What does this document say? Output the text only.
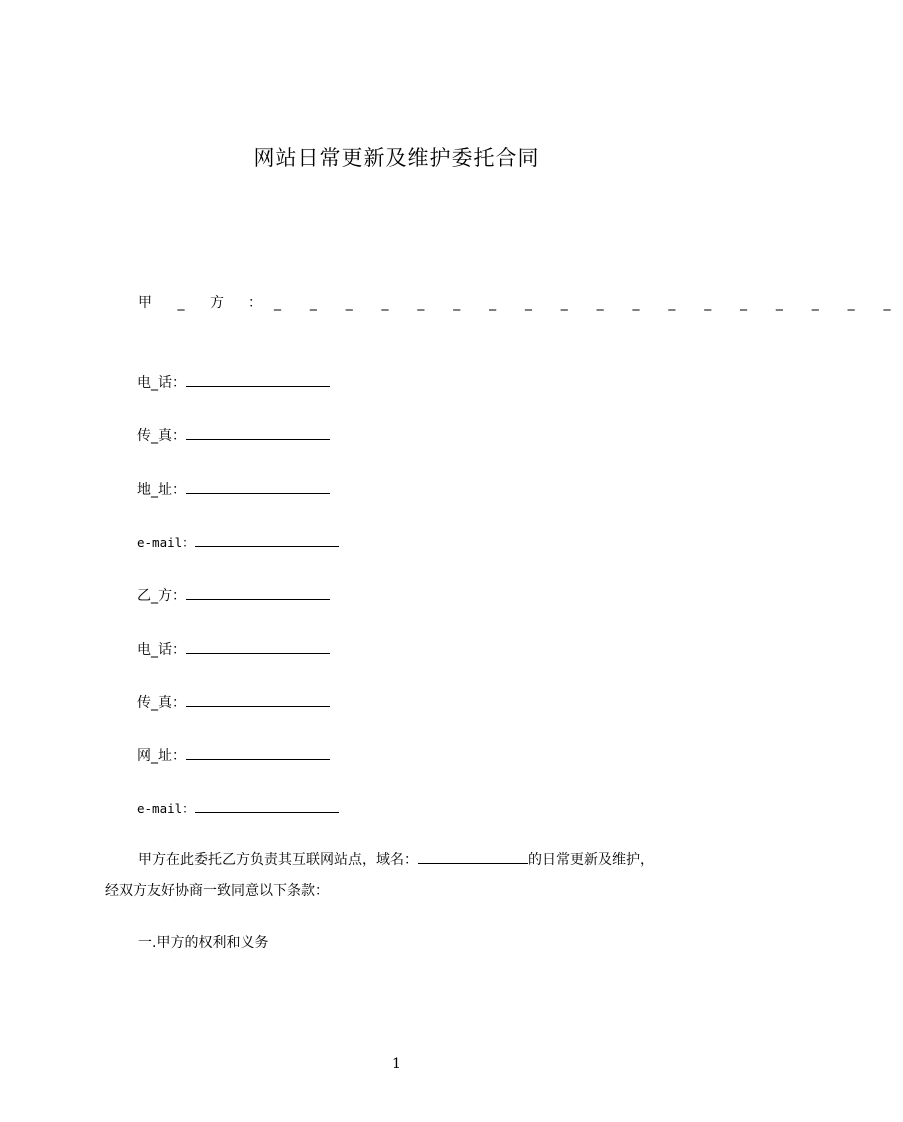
网站日常更新及维护委托合同
甲 _ 方 ： _ _ _ _ _ _ _ _ _ _ _ _ _ _ _ _ _ _
电_话：
传_真：
地_址：
e-mail：
乙_方：
电_话：
传_真：
网_址：
e-mail：
甲方在此委托乙方负责其互联网站点，域名：	的日常更新及维护，
经双方友好协商一致同意以下条款：
一.甲方的权利和义务
1
